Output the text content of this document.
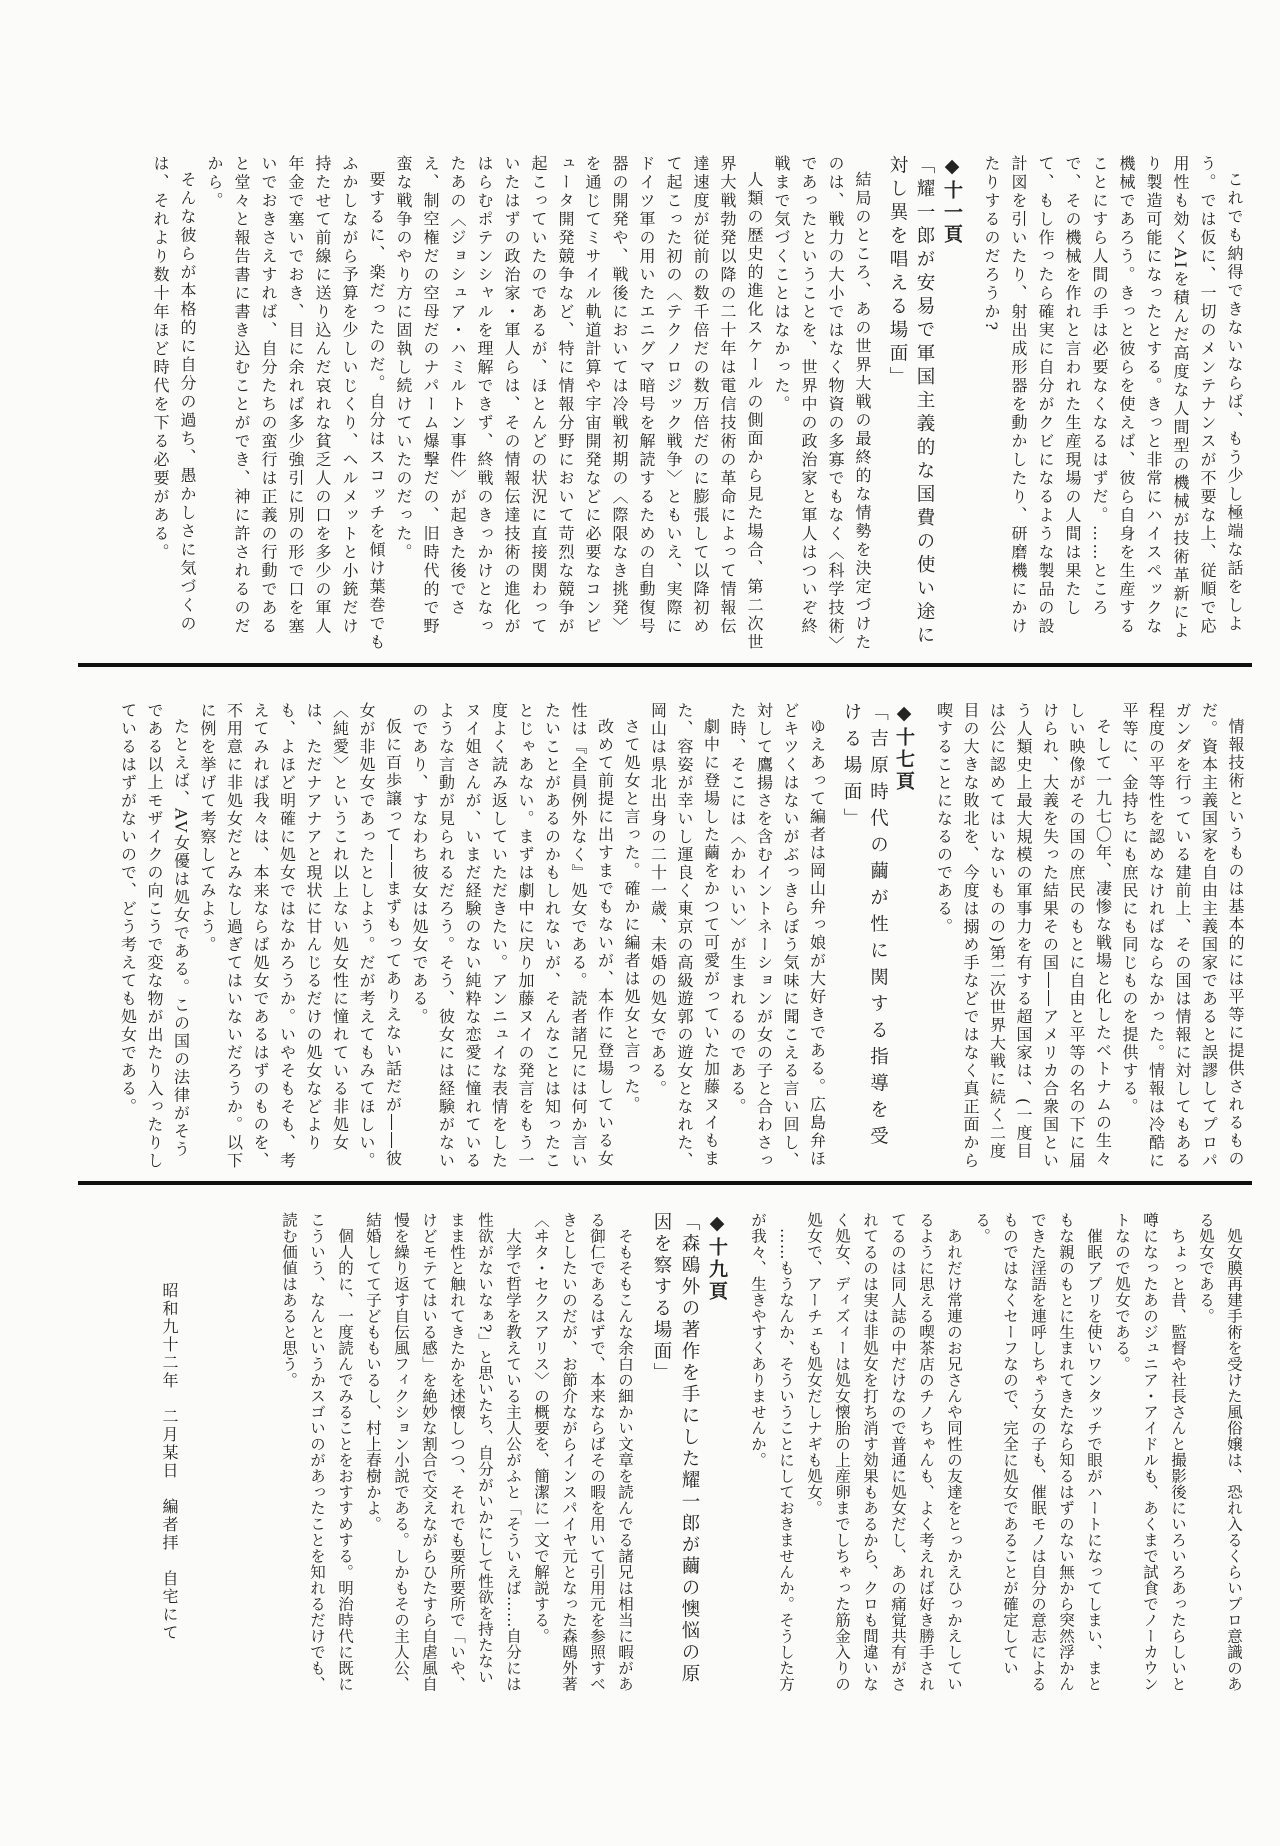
これでも納得できないならば、もう少し極端な話をしよう。では仮に、一切のメンテナンスが不要な上、従順で応用性も効くAIを積んだ高度な人間型の機械が技術革新により製造可能になったとする。きっと非常にハイスペックな機械であろう。きっと彼らを使えば、彼ら自身を生産することにすら人間の手は必要なくなるはずだ。……ところで、その機械を作れと言われた生産現場の人間は果たして、もし作ったら確実に自分がクビになるような製品の設計図を引いたり、射出成形器を動かしたり、研磨機にかけたりするのだろうか?

◆十一頁
「耀一郎が安易で軍国主義的な国費の使い途に対し異を唱える場面」

結局のところ、あの世界大戦の最終的な情勢を決定づけたのは、戦力の大小ではなく物資の多寡でもなく〈科学技術〉であったということを、世界中の政治家と軍人はついぞ終戦まで気づくことはなかった。

人類の歴史的進化スケールの側面から見た場合、第二次世界大戦勃発以降の二十年は電信技術の革命によって情報伝達速度が従前の数千倍だの数万倍だのに膨張して以降初めて起こった初の〈テクノロジック戦争〉ともいえ、実際にドイツ軍の用いたエニグマ暗号を解読するための自動復号器の開発や、戦後においては冷戦初期の〈際限なき挑発〉を通じてミサイル軌道計算や宇宙開発などに必要なコンピュータ開発競争など、特に情報分野において苛烈な競争が起こっていたのであるが、ほとんどの状況に直接関わっていたはずの政治家・軍人らは、その情報伝達技術の進化がはらむポテンシャルを理解できず、終戦のきっかけとなったあの〈ジョシュア・ハミルトン事件〉が起きた後でさえ、制空権だの空母だのナパーム爆撃だの、旧時代的で野蛮な戦争のやり方に固執し続けていたのだった。

要するに、楽だったのだ。自分はスコッチを傾け葉巻でもふかしながら予算を少しいじくり、ヘルメットと小銃だけ持たせて前線に送り込んだ哀れな貧乏人の口を多少の軍人年金で塞いでおき、目に余れば多少強引に別の形で口を塞いでおきさえすれば、自分たちの蛮行は正義の行動であると堂々と報告書に書き込むことができ、神に許されるのだから。

そんな彼らが本格的に自分の過ち、愚かしさに気づくのは、それより数十年ほど時代を下る必要がある。

情報技術というものは基本的には平等に提供されるものだ。資本主義国家を自由主義国家であると誤謬してプロパガンダを行っている建前上、その国は情報に対してもある程度の平等性を認めなければならなかった。情報は冷酷に平等に、金持ちにも庶民にも同じものを提供する。

そして一九七〇年、凄惨な戦場と化したベトナムの生々しい映像がその国の庶民のもとに自由と平等の名の下に届けられ、大義を失った結果その国――アメリカ合衆国という人類史上最大規模の軍事力を有する超国家は、(一度目は公に認めてはいないものの)第二次世界大戦に続く二度目の大きな敗北を、今度は搦め手などではなく真正面から喫することになるのである。

◆十七頁
「吉原時代の繭が性に関する指導を受ける場面」

ゆえあって編者は岡山弁っ娘が大好きである。広島弁ほどキツくはないがぶっきらぼう気味に聞こえる言い回し、対して鷹揚さを含むイントネーションが女の子と合わさった時、そこには〈かわいい〉が生まれるのである。

劇中に登場した繭をかつて可愛がっていた加藤ヌイもまた、容姿が幸いし運良く東京の高級遊郭の遊女となれた、岡山は県北出身の二十一歳、未婚の処女である。

さて処女と言った。確かに編者は処女と言った。

改めて前提に出すまでもないが、本作に登場している女性は『全員例外なく』処女である。読者諸兄には何か言いたいことがあるのかもしれないが、そんなことは知ったことじゃあない。まずは劇中に戻り加藤ヌイの発言をもう一度よく読み返していただきたい。アンニュイな表情をしたヌイ姐さんが、いまだ経験のない純粋な恋愛に憧れているような言動が見られるだろう。そう、彼女には経験がないのであり、すなわち彼女は処女である。

仮に百歩譲って――まずもってありえない話だが――彼女が非処女であったとしよう。だが考えてもみてほしい。〈純愛〉というこれ以上ない処女性に憧れている非処女は、ただナアナアと現状に甘んじるだけの処女などよりも、よほど明確に処女ではなかろうか。いやそもそも、考えてみれば我々は、本来ならば処女であるはずのものを、不用意に非処女だとみなし過ぎてはいないだろうか。以下に例を挙げて考察してみよう。

たとえば、AV女優は処女である。この国の法律がそうである以上モザイクの向こうで変な物が出たり入ったりしているはずがないので、どう考えても処女である。

処女膜再建手術を受けた風俗嬢は、恐れ入るくらいプロ意識のある処女である。

ちょっと昔、監督や社長さんと撮影後にいろいろあったらしいと噂になったあのジュニア・アイドルも、あくまで試食でノーカウントなので処女である。

催眠アプリを使いワンタッチで眼がハートになってしまい、まともな親のもとに生まれてきたなら知るはずのない無から突然浮かんできた淫語を連呼しちゃう女の子も、催眠モノは自分の意志によるものではなくセーフなので、完全に処女であることが確定している。

あれだけ常連のお兄さんや同性の友達をとっかえひっかえしているように思える喫茶店のチノちゃんも、よく考えれば好き勝手されてるのは同人誌の中だけなので普通に処女だし、あの痛覚共有がされてるのは実は非処女を打ち消す効果もあるから、クロも間違いなく処女、ディズィーは処女懐胎の上産卵までしちゃった筋金入りの処女で、アーチェも処女だしナギも処女。

……もうなんか、そういうことにしておきませんか。そうした方が我々、生きやすくありませんか。

◆十九頁
「森鴎外の著作を手にした耀一郎が繭の懊悩の原因を察する場面」

そもそもこんな余白の細かい文章を読んでる諸兄は相当に暇がある御仁であるはずで、本来ならばその暇を用いて引用元を参照すべきとしたいのだが、お節介ながらインスパイヤ元となった森鴎外著〈ヰタ・セクスアリス〉の概要を、簡潔に一文で解説する。

大学で哲学を教えている主人公がふと「そういえば……自分には性欲がないなぁ?」と思いたち、自分がいかにして性欲を持たないまま性と触れてきたかを述懐しつつ、それでも要所要所で「いや、けどモテてはいる感」を絶妙な割合で交えながらひたすら自虐風自慢を繰り返す自伝風フィクション小説である。しかもその主人公、結婚してて子どももいるし、村上春樹かよ。

個人的に、一度読んでみることをおすすめする。明治時代に既にこういう、なんというかスゴいのがあったことを知れるだけでも、読む価値はあると思う。

昭和九十二年　二月某日　編者拝　自宅にて
